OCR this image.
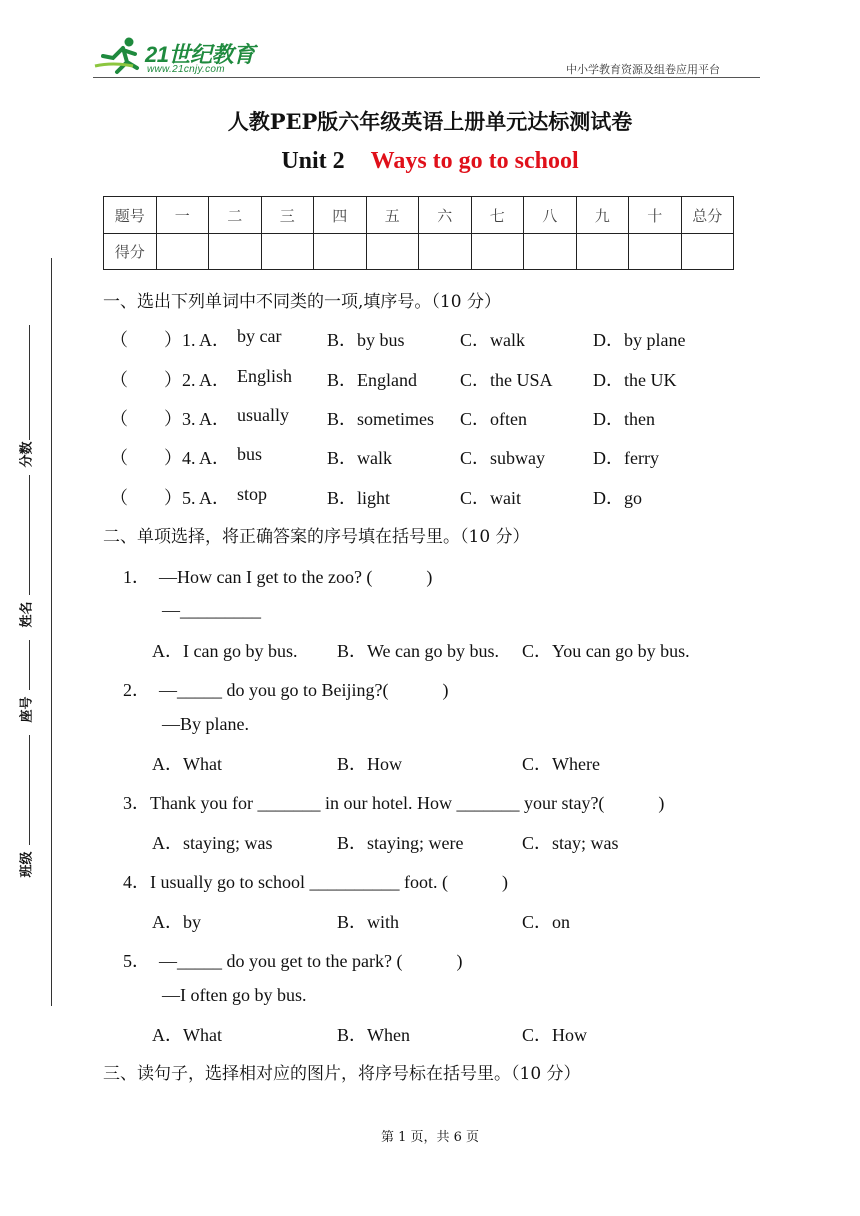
21世纪教育
www.21cnjy.com	中小学教育资源及组卷应用平台
人教PEP版六年级英语上册单元达标测试卷
Unit 2 Ways to go to school
题号	一	二	三	四	五	六	七	八	九	十	总分
得分											
分数
姓名
座号
班级
一、选出下列单词中不同类的一项,填序号。（10 分）
（　　） 1. A． by car	B．by bus	C．walk	D．by plane
（　　） 2. A． English B．England C．the USA D．the UK
（　　） 3. A． usually B．sometimes C．often	D．then
（　　） 4. A． bus	B．walk	C．subway	D．ferry
（　　） 5. A． stop	B．light	C．wait	D．go
二、单项选择，将正确答案的序号填在括号里。（10 分）
1．　—How can I get to the zoo? (　　　)
—_________
A．I can go by bus. B．We can go by bus. C．You can go by bus.
2．　—_____ do you go to Beijing?(　　　)
—By plane.
A．What	B．How	C．Where
3．Thank you for _______ in our hotel. How _______ your stay?(　　　)
A．staying; was	B．staying; were	C．stay; was
4．I usually go to school __________ foot. (　　　)
A．by	B．with	C．on
5．　—_____ do you get to the park? (　　　)
—I often go by bus.
A．What	B．When	C．How
三、读句子，选择相对应的图片，将序号标在括号里。（10 分）
第 1 页，共 6 页
